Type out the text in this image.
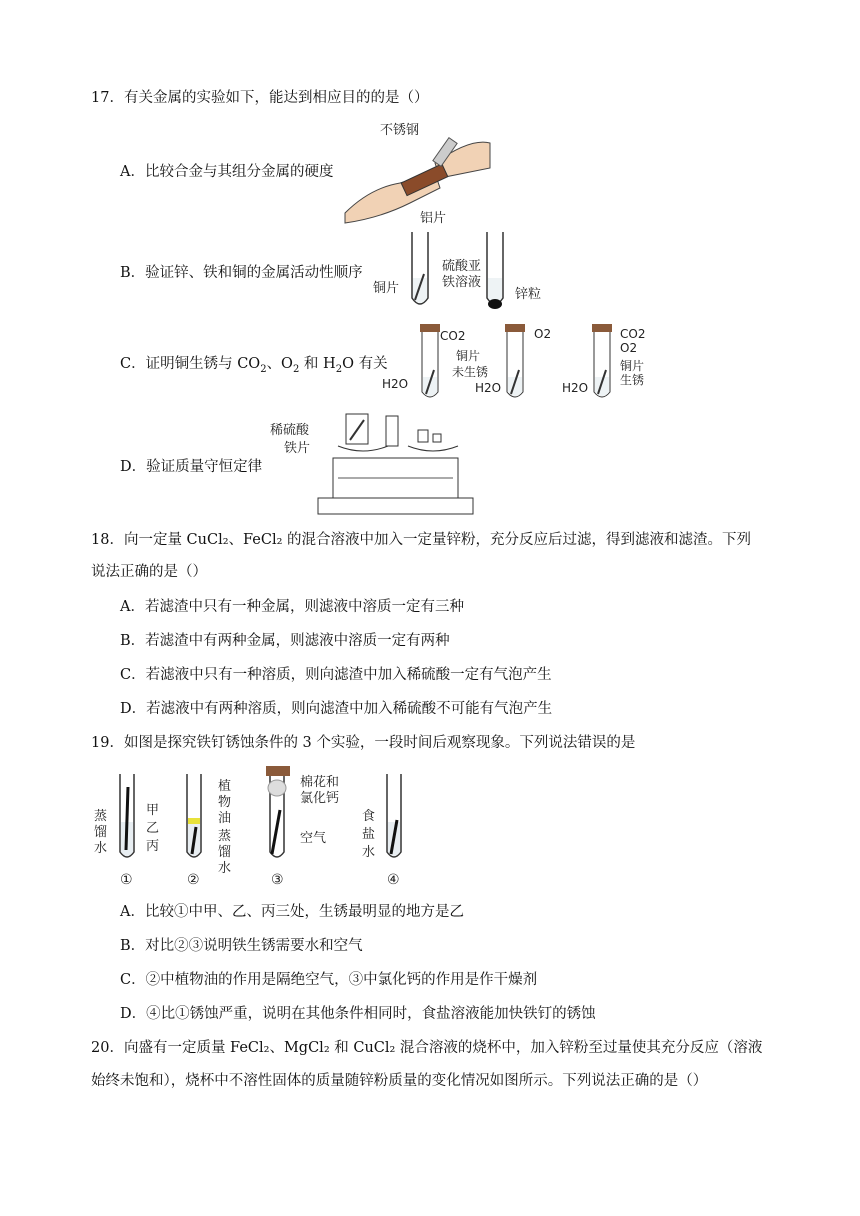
17．有关金属的实验如下，能达到相应目的的是（）
A．比较合金与其组分金属的硬度
不锈钢
铝片
B．验证锌、铁和铜的金属活动性顺序
铜片
硫酸亚
铁溶液
锌粒
C．证明铜生锈与 $CO_2$、$O_2$ 和 $H_2O$ 有关
CO2
H2O
O2
H2O
铜片
未生锈
CO2
O2
H2O
铜片
生锈
D．验证质量守恒定律
稀硫酸
铁片
18．向一定量 CuCl₂、FeCl₂ 的混合溶液中加入一定量锌粉，充分反应后过滤，得到滤液和滤渣。下列
说法正确的是（）
A．若滤渣中只有一种金属，则滤液中溶质一定有三种
B．若滤渣中有两种金属，则滤液中溶质一定有两种
C．若滤液中只有一种溶质，则向滤渣中加入稀硫酸一定有气泡产生
D．若滤液中有两种溶质，则向滤渣中加入稀硫酸不可能有气泡产生
19．如图是探究铁钉锈蚀条件的 3 个实验，一段时间后观察现象。下列说法错误的是
蒸
馏
水
甲
乙
丙
①
植
物
油
蒸
馏
水
②
棉花和
氯化钙
空气
③
食
盐
水
④
A．比较①中甲、乙、丙三处，生锈最明显的地方是乙
B．对比②③说明铁生锈需要水和空气
C．②中植物油的作用是隔绝空气，③中氯化钙的作用是作干燥剂
D．④比①锈蚀严重，说明在其他条件相同时，食盐溶液能加快铁钉的锈蚀
20．向盛有一定质量 FeCl₂、MgCl₂ 和 CuCl₂ 混合溶液的烧杯中，加入锌粉至过量使其充分反应（溶液
始终未饱和），烧杯中不溶性固体的质量随锌粉质量的变化情况如图所示。下列说法正确的是（）
